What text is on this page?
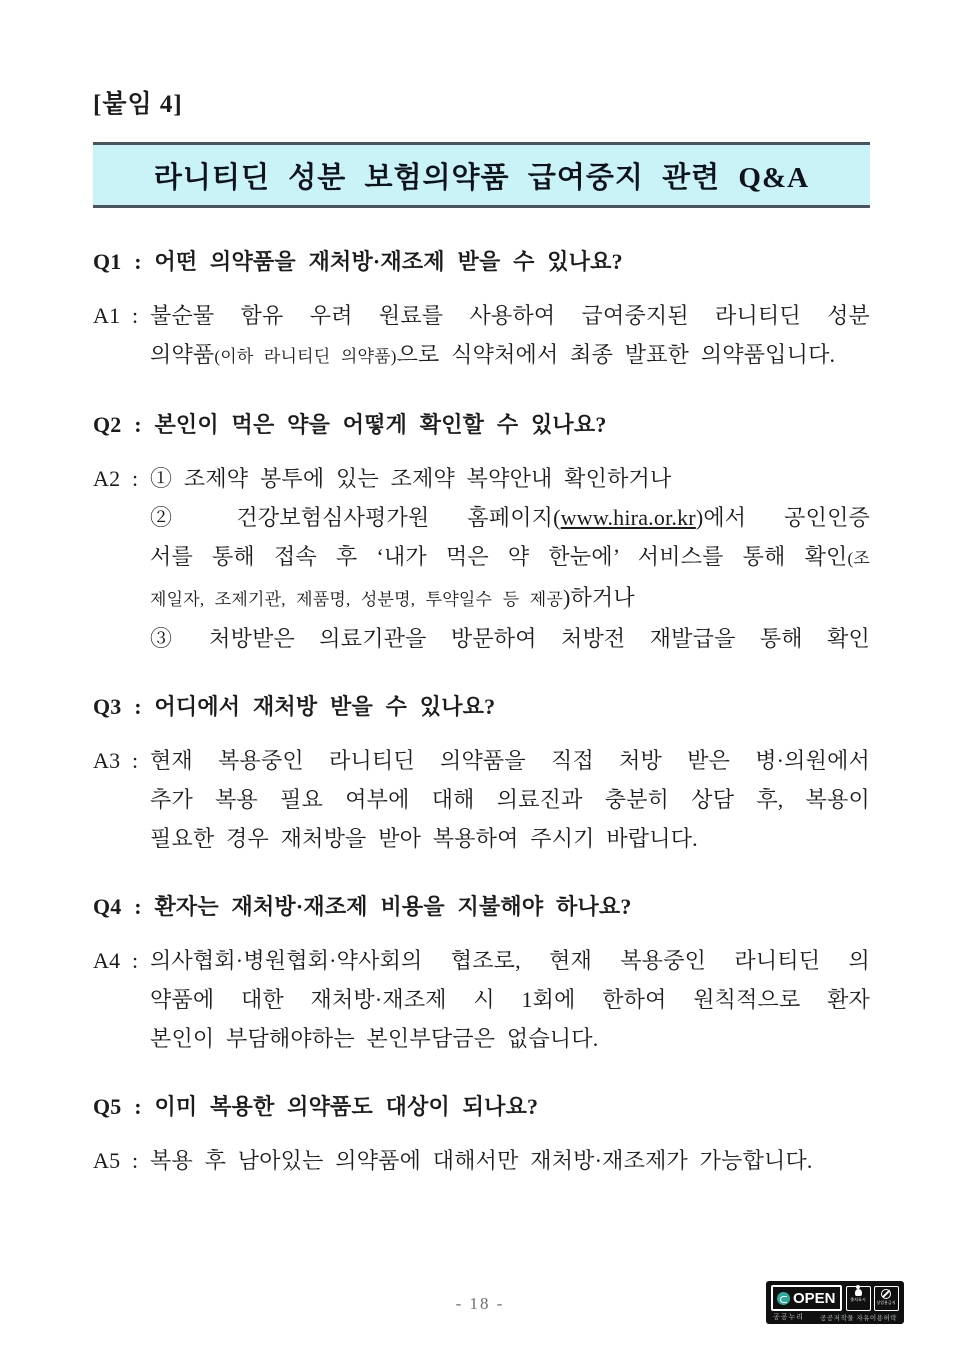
[붙임 4]
라니티딘 성분 보험의약품 급여중지 관련 Q&A
Q1 : 어떤 의약품을 재처방·재조제 받을 수 있나요?
A1 : 불순물 함유 우려 원료를 사용하여 급여중지된 라니티딘 성분
의약품(이하 라니티딘 의약품)으로 식약처에서 최종 발표한 의약품입니다.
Q2 : 본인이 먹은 약을 어떻게 확인할 수 있나요?
A2 : ① 조제약 봉투에 있는 조제약 복약안내 확인하거나
② 건강보험심사평가원 홈페이지(www.hira.or.kr)에서 공인인증
서를 통해 접속 후 ‘내가 먹은 약 한눈에’ 서비스를 통해 확인(조
제일자, 조제기관, 제품명, 성분명, 투약일수 등 제공)하거나
③ 처방받은 의료기관을 방문하여 처방전 재발급을 통해 확인
Q3 : 어디에서 재처방 받을 수 있나요?
A3 : 현재 복용중인 라니티딘 의약품을 직접 처방 받은 병·의원에서
추가 복용 필요 여부에 대해 의료진과 충분히 상담 후, 복용이
필요한 경우 재처방을 받아 복용하여 주시기 바랍니다.
Q4 : 환자는 재처방·재조제 비용을 지불해야 하나요?
A4 : 의사협회·병원협회·약사회의 협조로, 현재 복용중인 라니티딘 의
약품에 대한 재처방·재조제 시 1회에 한하여 원칙적으로 환자
본인이 부담해야하는 본인부담금은 없습니다.
Q5 : 이미 복용한 의약품도 대상이 되나요?
A5 : 복용 후 남아있는 의약품에 대해서만 재처방·재조제가 가능합니다.
- 18 -	OPEN	출처표시
상업용금지
공공누리 공공저작물 자유이용허락
